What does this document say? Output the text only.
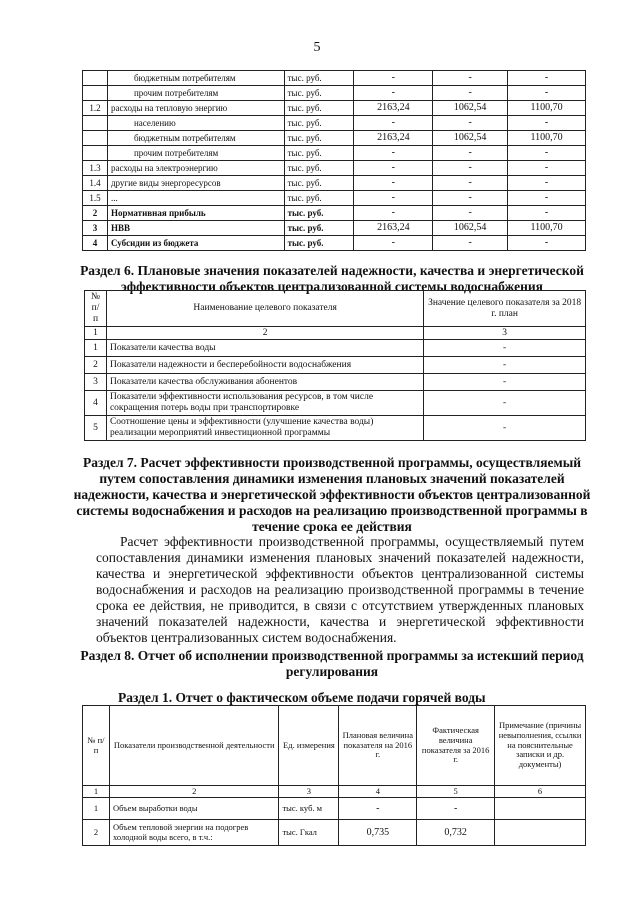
5
	бюджетным потребителям	тыс. руб.	-	-	-
	прочим потребителям	тыс. руб.	-	-	-
1.2	расходы на тепловую энергию	тыс. руб.	2163,24	1062,54	1100,70
	населению	тыс. руб.	-	-	-
	бюджетным потребителям	тыс. руб.	2163,24	1062,54	1100,70
	прочим потребителям	тыс. руб.	-	-	-
1.3	расходы на электроэнергию	тыс. руб.	-	-	-
1.4	другие виды энергоресурсов	тыс. руб.	-	-	-
1.5	...	тыс. руб.	-	-	-
2	Нормативная прибыль	тыс. руб.	-	-	-
3	НВВ	тыс. руб.	2163,24	1062,54	1100,70
4	Субсидии из бюджета	тыс. руб.	-	-	-
Раздел 6. Плановые значения показателей надежности, качества и энергетической
эффективности объектов централизованной системы водоснабжения
№ п/ п	Наименование целевого показателя	Значение целевого показателя за 2018 г. план
1	2	3
1	Показатели качества воды	-
2	Показатели надежности и бесперебойности водоснабжения	-
3	Показатели качества обслуживания абонентов	-
4	Показатели эффективности использования ресурсов, в том числе сокращения потерь воды при транспортировке	-
5	Соотношение цены и эффективности (улучшение качества воды) реализации мероприятий инвестиционной программы	-
Раздел 7. Расчет эффективности производственной программы, осуществляемый путем сопоставления динамики изменения плановых значений показателей надежности, качества и энергетической эффективности объектов централизованной системы водоснабжения и расходов на реализацию производственной программы в течение срока ее действия
Расчет эффективности производственной программы, осуществляемый путем сопоставления динамики изменения плановых значений показателей надежности, качества и энергетической эффективности объектов централизованной системы водоснабжения и расходов на реализацию производственной программы в течение срока ее действия, не приводится, в связи с отсутствием утвержденных плановых значений показателей надежности, качества и энергетической эффективности объектов централизованных систем водоснабжения.
Раздел 8. Отчет об исполнении производственной программы за истекший период регулирования
Раздел 1. Отчет о фактическом объеме подачи горячей воды
№ п/п	Показатели производственной деятельности	Ед. измерения	Плановая величина показателя на 2016 г.	Фактическая величина показателя за 2016 г.	Примечание (причины невыполнения, ссылки на пояснительные записки и др. документы)
1	2	3	4	5	6
1	Объем выработки воды	тыс. куб. м	-	-	
2	Объем тепловой энергии на подогрев холодной воды всего, в т.ч.:	тыс. Гкал	0,735	0,732	
